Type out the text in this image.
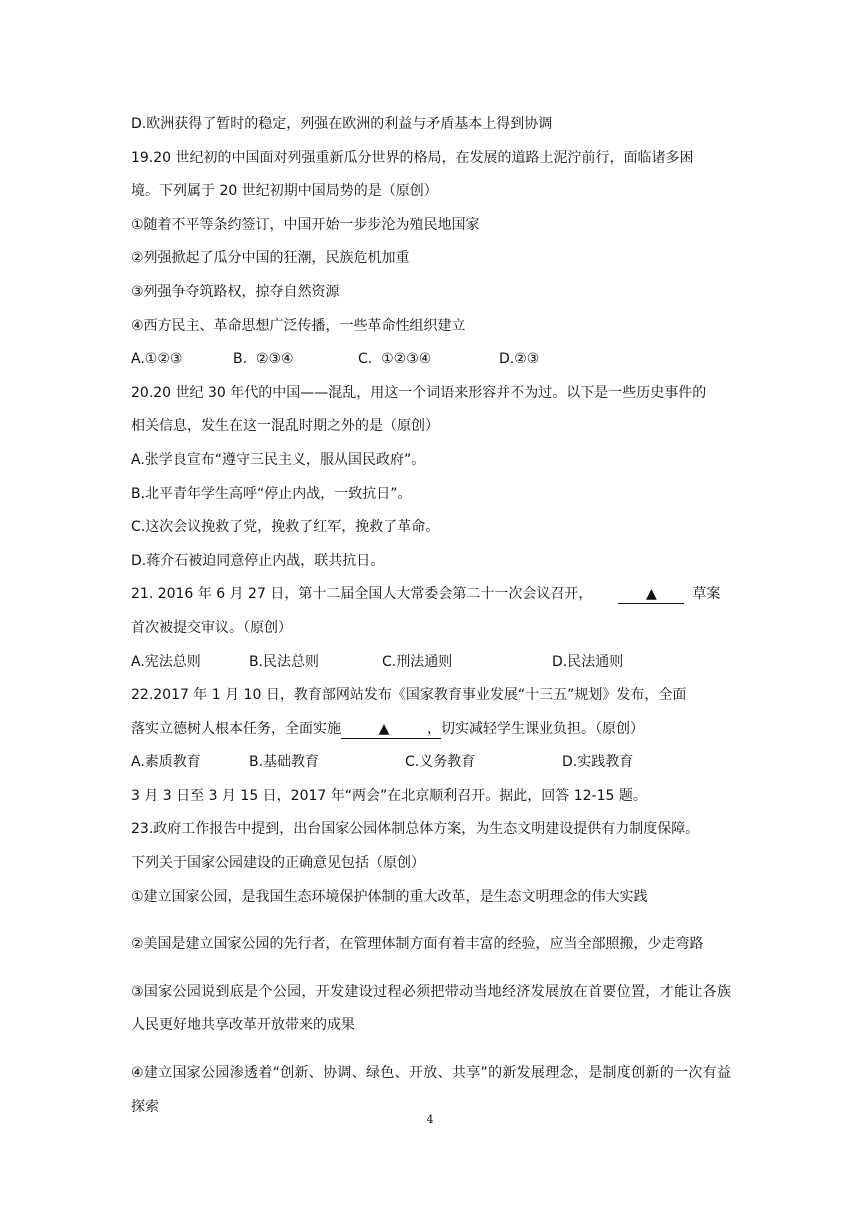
D.欧洲获得了暂时的稳定，列强在欧洲的利益与矛盾基本上得到协调

19.20 世纪初的中国面对列强重新瓜分世界的格局，在发展的道路上泥泞前行，面临诸多困

境。下列属于 20 世纪初期中国局势的是（原创）

①随着不平等条约签订，中国开始一步步沦为殖民地国家

②列强掀起了瓜分中国的狂潮，民族危机加重

③列强争夺筑路权，掠夺自然资源

④西方民主、革命思想广泛传播，一些革命性组织建立

A.①②③	B.  ②③④	C.  ①②③④	D.②③

20.20 世纪 30 年代的中国——混乱，用这一个词语来形容并不为过。以下是一些历史事件的

相关信息，发生在这一混乱时期之外的是（原创）

A.张学良宣布“遵守三民主义，服从国民政府”。

B.北平青年学生高呼“停止内战，一致抗日”。

C.这次会议挽救了党，挽救了红军，挽救了革命。

D.蒋介石被迫同意停止内战，联共抗日。

21. 2016 年 6 月 27 日，第十二届全国人大常委会第二十一次会议召开，	▲	草案

首次被提交审议。（原创）

A.宪法总则	B.民法总则	C.刑法通则	D.民法通则

22.2017 年 1 月 10 日，教育部网站发布《国家教育事业发展“十三五”规划》发布，全面

落实立德树人根本任务，全面实施	▲	， 切实减轻学生课业负担。（原创）

A.素质教育	B.基础教育	C.义务教育	D.实践教育

3 月 3 日至 3 月 15 日，2017 年“两会”在北京顺利召开。据此，回答 12-15 题。

23.政府工作报告中提到，出台国家公园体制总体方案，为生态文明建设提供有力制度保障。

下列关于国家公园建设的正确意见包括（原创）

①建立国家公园，是我国生态环境保护体制的重大改革，是生态文明理念的伟大实践

②美国是建立国家公园的先行者，在管理体制方面有着丰富的经验，应当全部照搬，少走弯路

③国家公园说到底是个公园，开发建设过程必须把带动当地经济发展放在首要位置，才能让各族人民更好地共享改革开放带来的成果

④建立国家公园渗透着“创新、协调、绿色、开放、共享”的新发展理念，是制度创新的一次有益探索

4
